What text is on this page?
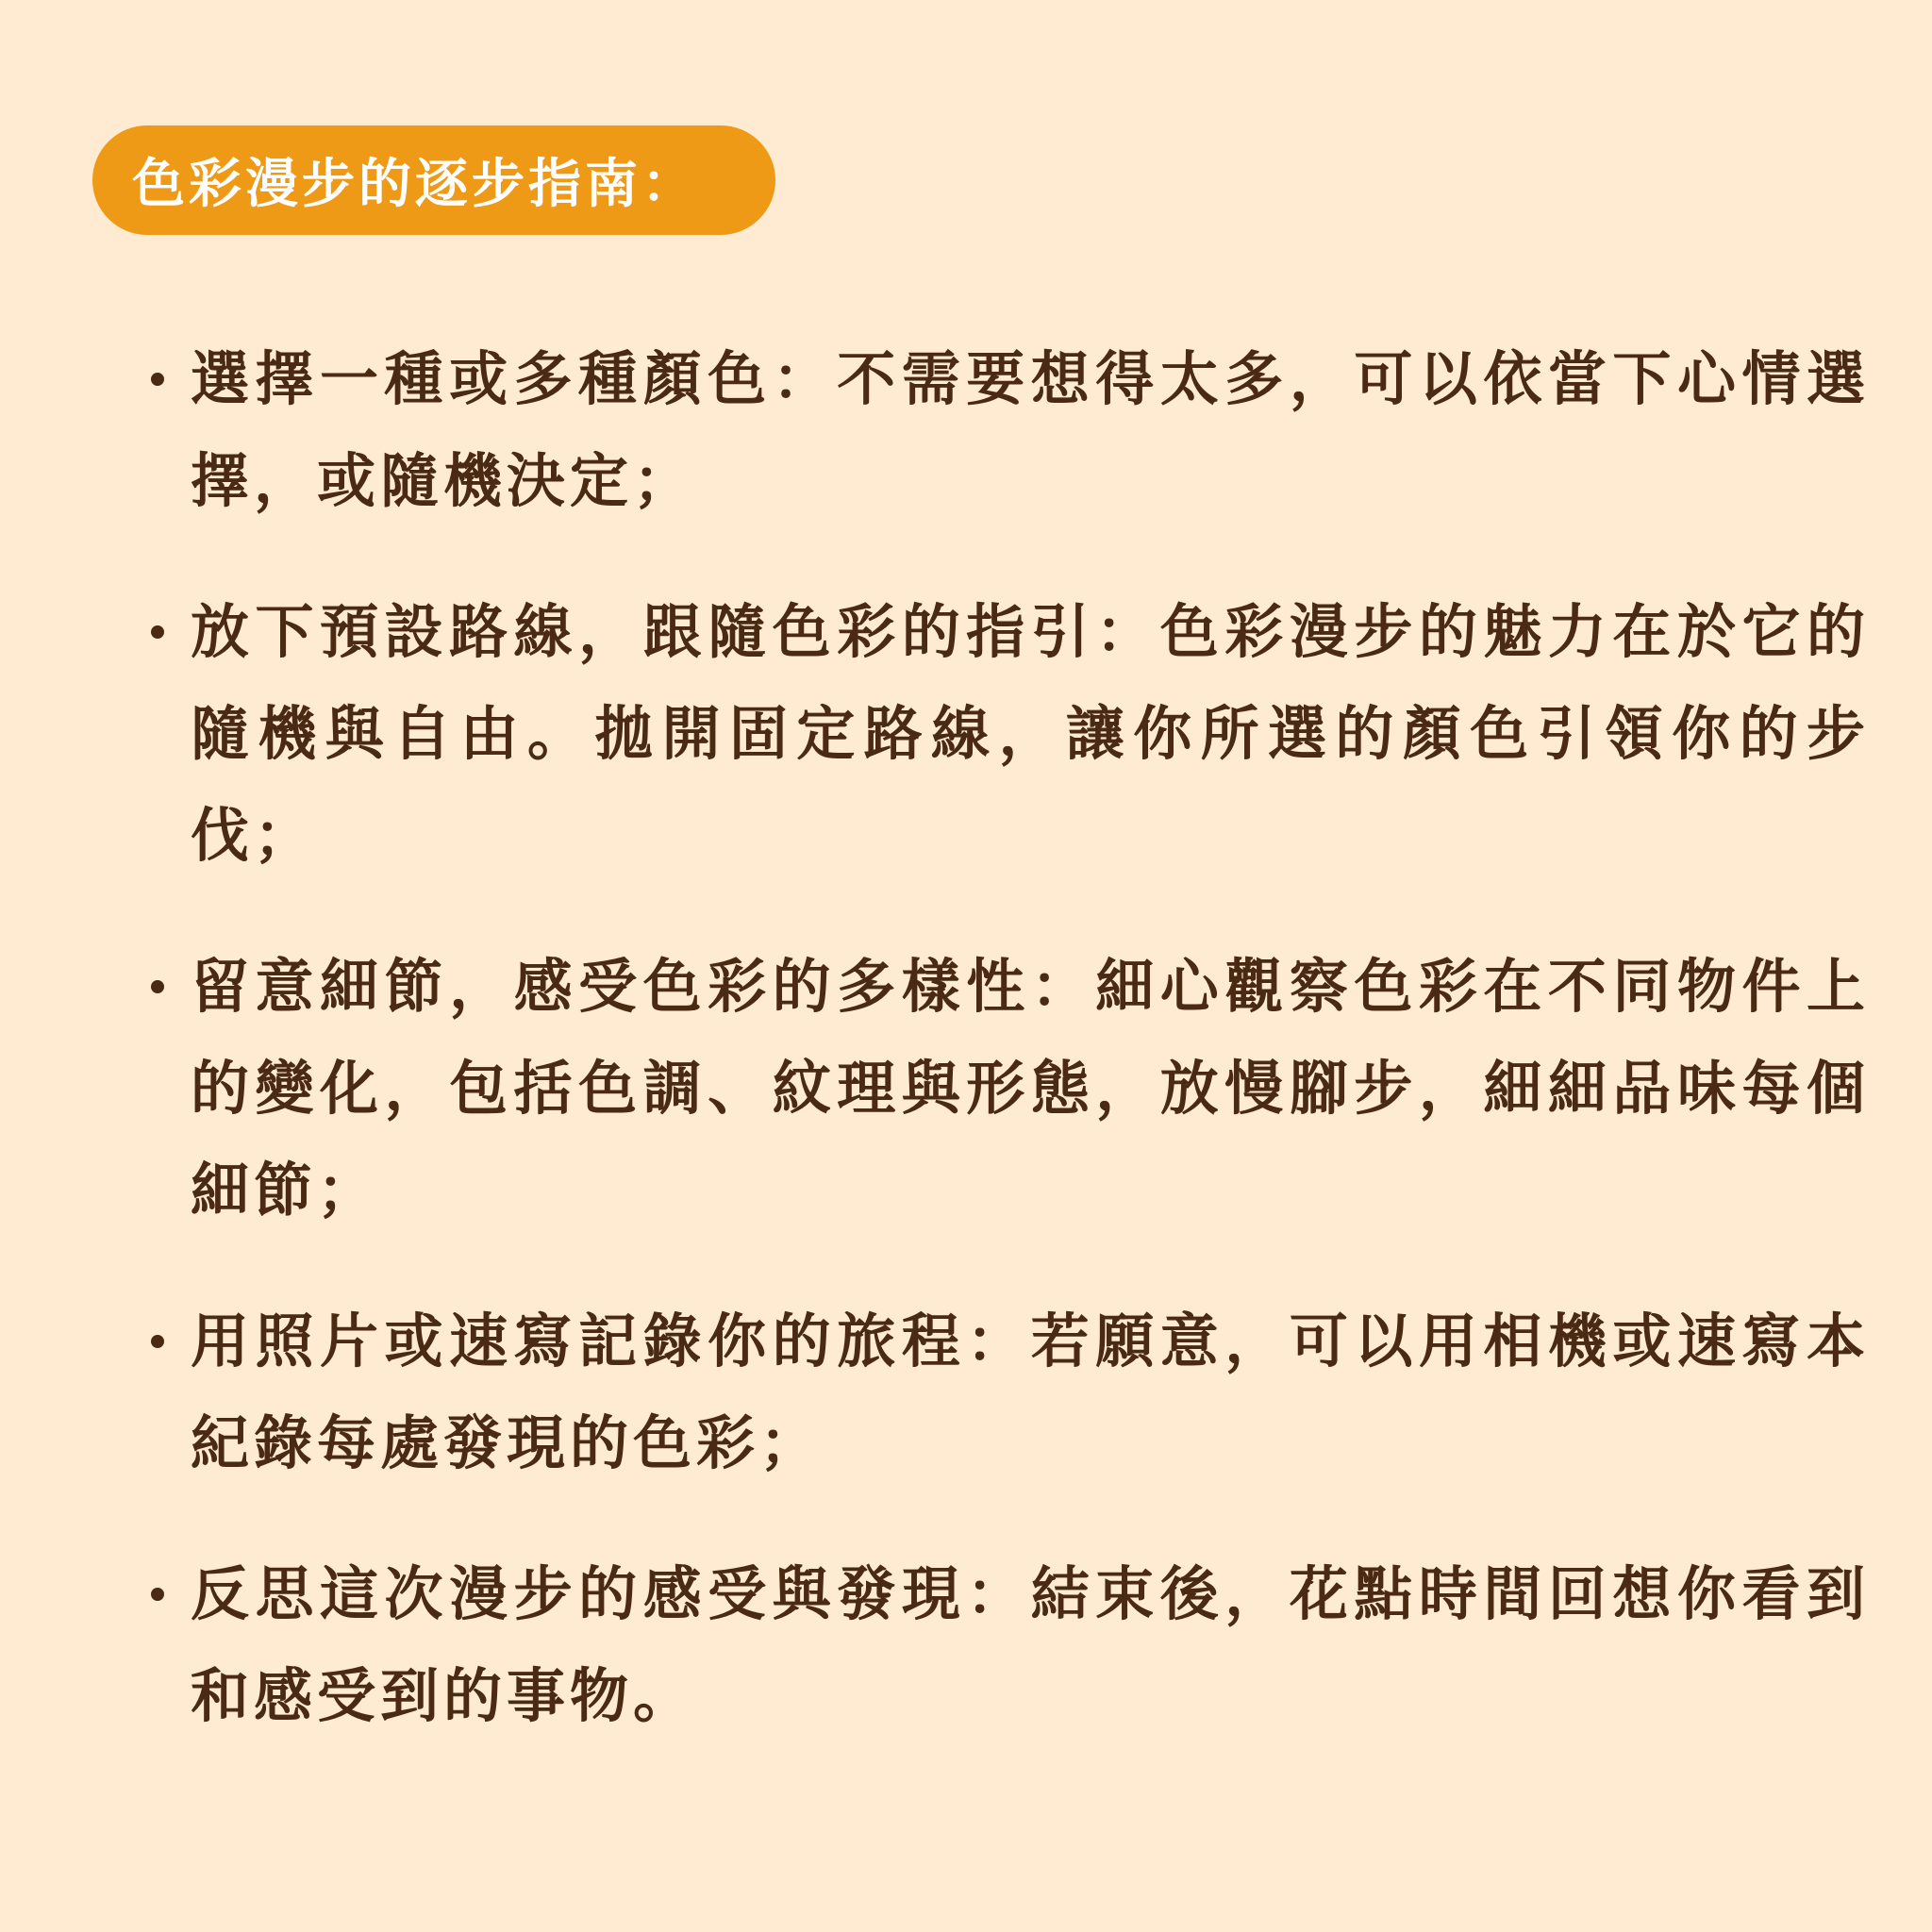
色彩漫步的逐步指南：
選擇一種或多種顏色：不需要想得太多，可以依當下心情選擇，或隨機決定；
放下預設路線，跟隨色彩的指引：色彩漫步的魅力在於它的隨機與自由。拋開固定路線，讓你所選的顏色引領你的步伐；
留意細節，感受色彩的多樣性：細心觀察色彩在不同物件上的變化，包括色調、紋理與形態，放慢腳步，細細品味每個細節；
用照片或速寫記錄你的旅程：若願意，可以用相機或速寫本紀錄每處發現的色彩；
反思這次漫步的感受與發現：結束後，花點時間回想你看到和感受到的事物。
